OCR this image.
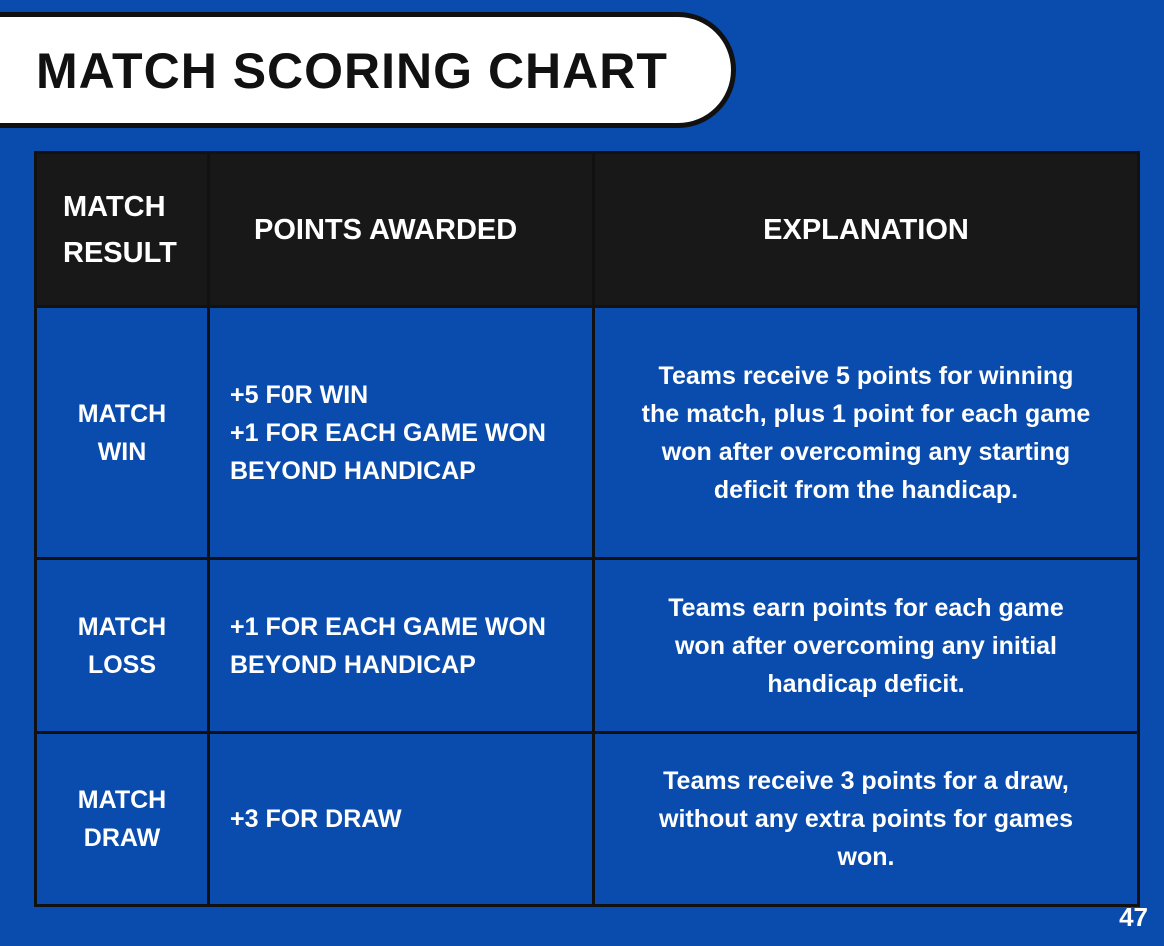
MATCH SCORING CHART
MATCH
RESULT	POINTS AWARDED	EXPLANATION

MATCH
WIN	+5 F0R WIN
+1 FOR EACH GAME WON
BEYOND HANDICAP	Teams receive 5 points for winning
the match, plus 1 point for each game
won after overcoming any starting
deficit from the handicap.

MATCH
LOSS	+1 FOR EACH GAME WON
BEYOND HANDICAP	Teams earn points for each game
won after overcoming any initial
handicap deficit.

MATCH
DRAW	+3 FOR DRAW	Teams receive 3 points for a draw,
without any extra points for games
won.
47
